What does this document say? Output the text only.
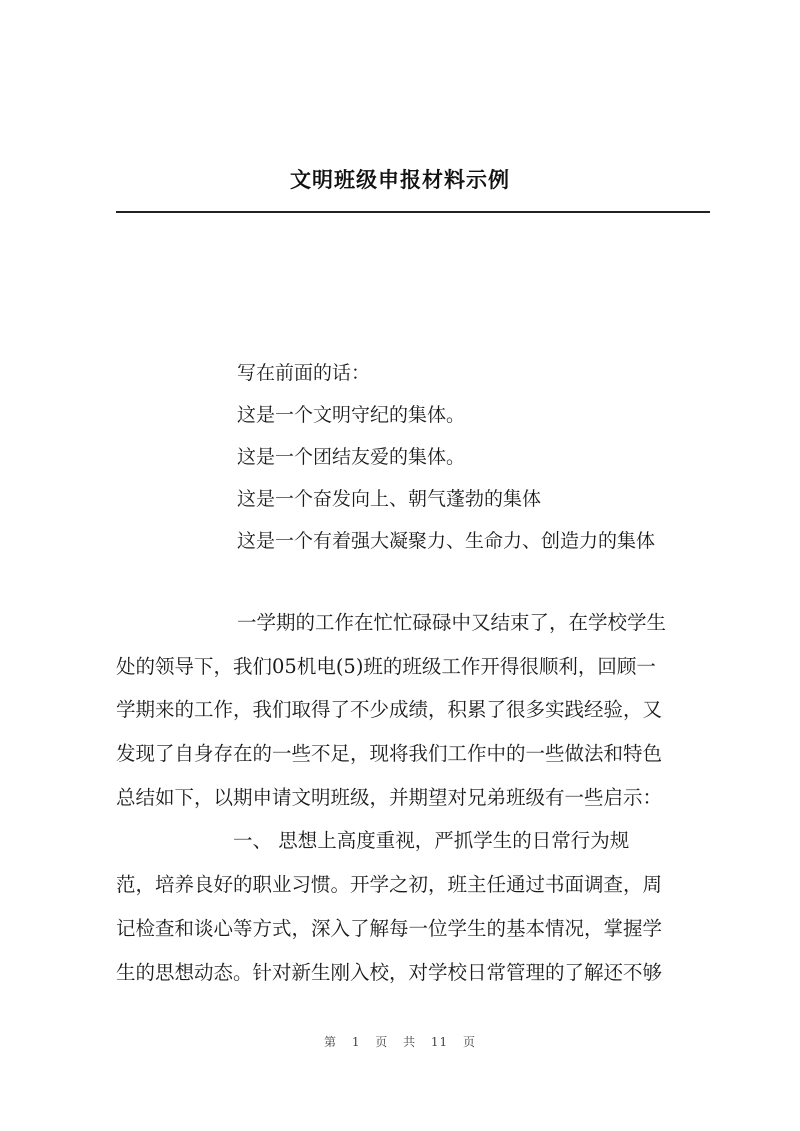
文明班级申报材料示例
写在前面的话：
这是一个文明守纪的集体。
这是一个团结友爱的集体。
这是一个奋发向上、朝气蓬勃的集体
这是一个有着强大凝聚力、生命力、创造力的集体
一学期的工作在忙忙碌碌中又结束了，在学校学生
处的领导下，我们05机电(5)班的班级工作开得很顺利，回顾一
学期来的工作，我们取得了不少成绩，积累了很多实践经验，又
发现了自身存在的一些不足，现将我们工作中的一些做法和特色
总结如下，以期申请文明班级，并期望对兄弟班级有一些启示：
一、 思想上高度重视，严抓学生的日常行为规
范，培养良好的职业习惯。开学之初，班主任通过书面调查，周
记检查和谈心等方式，深入了解每一位学生的基本情况，掌握学
生的思想动态。针对新生刚入校，对学校日常管理的了解还不够
第 1 页 共 11 页
